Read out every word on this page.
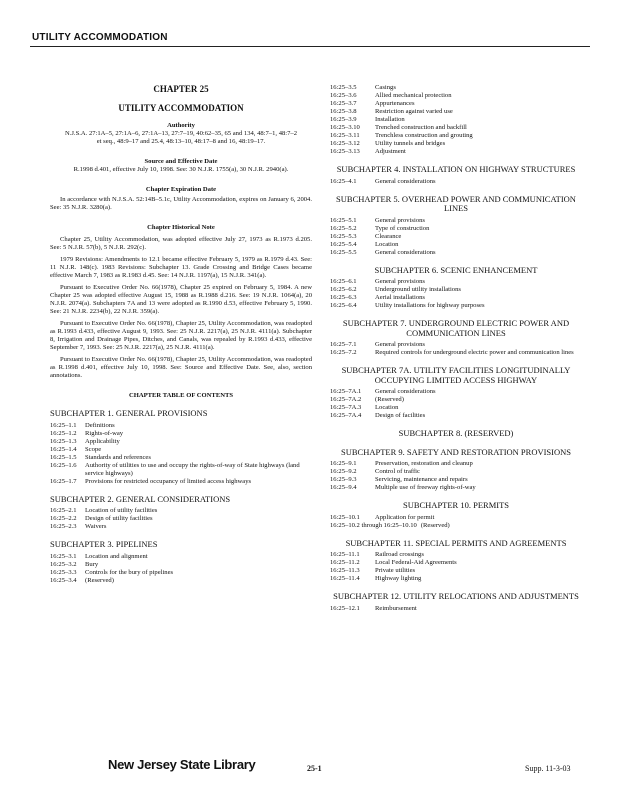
UTILITY ACCOMMODATION
CHAPTER 25
UTILITY ACCOMMODATION
Authority
N.J.S.A. 27:1A–5, 27:1A–6, 27:1A–13, 27:7–19, 40:62–35, 65 and 134, 48:7–1, 48:7–2 et seq., 48:9–17 and 25.4, 48:13–10, 48:17–8 and 16, 48:19–17.
Source and Effective Date
R.1998 d.401, effective July 10, 1998. See: 30 N.J.R. 1755(a), 30 N.J.R. 2940(a).
Chapter Expiration Date
In accordance with N.J.S.A. 52:14B–5.1c, Utility Accommodation, expires on January 6, 2004. See: 35 N.J.R. 3280(a).
Chapter Historical Note
Chapter 25, Utility Accommodation, was adopted effective July 27, 1973 as R.1973 d.205. See: 5 N.J.R. 57(b), 5 N.J.R. 292(c).
1979 Revisions: Amendments to 12.1 became effective February 5, 1979 as R.1979 d.43. See: 11 N.J.R. 148(c). 1983 Revisions: Subchapter 13. Grade Crossing and Bridge Cases became effective March 7, 1983 as R.1983 d.45. See: 14 N.J.R. 1197(a), 15 N.J.R. 341(a).
Pursuant to Executive Order No. 66(1978), Chapter 25 expired on February 5, 1984. A new Chapter 25 was adopted effective August 15, 1988 as R.1988 d.216. See: 19 N.J.R. 1064(a), 20 N.J.R. 2074(a). Subchapters 7A and 13 were adopted as R.1990 d.53, effective February 5, 1990. See: 21 N.J.R. 2234(b), 22 N.J.R. 359(a).
Pursuant to Executive Order No. 66(1978), Chapter 25, Utility Accommodation, was readopted as R.1993 d.433, effective August 9, 1993. See: 25 N.J.R. 2217(a), 25 N.J.R. 4111(a). Subchapter 8, Irrigation and Drainage Pipes, Ditches, and Canals, was repealed by R.1993 d.433, effective September 7, 1993. See: 25 N.J.R. 2217(a), 25 N.J.R. 4111(a).
Pursuant to Executive Order No. 66(1978), Chapter 25, Utility Accommodation, was readopted as R.1998 d.401, effective July 10, 1998. See: Source and Effective Date. See, also, section annotations.
CHAPTER TABLE OF CONTENTS
SUBCHAPTER 1. GENERAL PROVISIONS
16:25–1.1	Definitions
16:25–1.2	Rights-of-way
16:25–1.3	Applicability
16:25–1.4	Scope
16:25–1.5	Standards and references
16:25–1.6	Authority of utilities to use and occupy the rights-of-way of State highways (land service highways)
16:25–1.7	Provisions for restricted occupancy of limited access highways
SUBCHAPTER 2. GENERAL CONSIDERATIONS
16:25–2.1	Location of utility facilities
16:25–2.2	Design of utility facilities
16:25–2.3	Waivers
SUBCHAPTER 3. PIPELINES
16:25–3.1	Location and alignment
16:25–3.2	Bury
16:25–3.3	Controls for the bury of pipelines
16:25–3.4	(Reserved)
16:25–3.5	Casings
16:25–3.6	Allied mechanical protection
16:25–3.7	Appurtenances
16:25–3.8	Restriction against varied use
16:25–3.9	Installation
16:25–3.10	Trenched construction and backfill
16:25–3.11	Trenchless construction and grouting
16:25–3.12	Utility tunnels and bridges
16:25–3.13	Adjustment
SUBCHAPTER 4. INSTALLATION ON HIGHWAY STRUCTURES
16:25–4.1	General considerations
SUBCHAPTER 5. OVERHEAD POWER AND COMMUNICATION LINES
16:25–5.1	General provisions
16:25–5.2	Type of construction
16:25–5.3	Clearance
16:25–5.4	Location
16:25–5.5	General considerations
SUBCHAPTER 6. SCENIC ENHANCEMENT
16:25–6.1	General provisions
16:25–6.2	Underground utility installations
16:25–6.3	Aerial installations
16:25–6.4	Utility installations for highway purposes
SUBCHAPTER 7. UNDERGROUND ELECTRIC POWER AND COMMUNICATION LINES
16:25–7.1	General provisions
16:25–7.2	Required controls for underground electric power and communication lines
SUBCHAPTER 7A. UTILITY FACILITIES LONGITUDINALLY OCCUPYING LIMITED ACCESS HIGHWAY
16:25–7A.1	General considerations
16:25–7A.2	(Reserved)
16:25–7A.3	Location
16:25–7A.4	Design of facilities
SUBCHAPTER 8. (RESERVED)
SUBCHAPTER 9. SAFETY AND RESTORATION PROVISIONS
16:25–9.1	Preservation, restoration and cleanup
16:25–9.2	Control of traffic
16:25–9.3	Servicing, maintenance and repairs
16:25–9.4	Multiple use of freeway rights-of-way
SUBCHAPTER 10. PERMITS
16:25–10.1	Application for permit
16:25–10.2 through 16:25–10.10 (Reserved)
SUBCHAPTER 11. SPECIAL PERMITS AND AGREEMENTS
16:25–11.1	Railroad crossings
16:25–11.2	Local Federal-Aid Agreements
16:25–11.3	Private utilities
16:25–11.4	Highway lighting
SUBCHAPTER 12. UTILITY RELOCATIONS AND ADJUSTMENTS
16:25–12.1	Reimbursement
New Jersey State Library	25-1	Supp. 11-3-03
